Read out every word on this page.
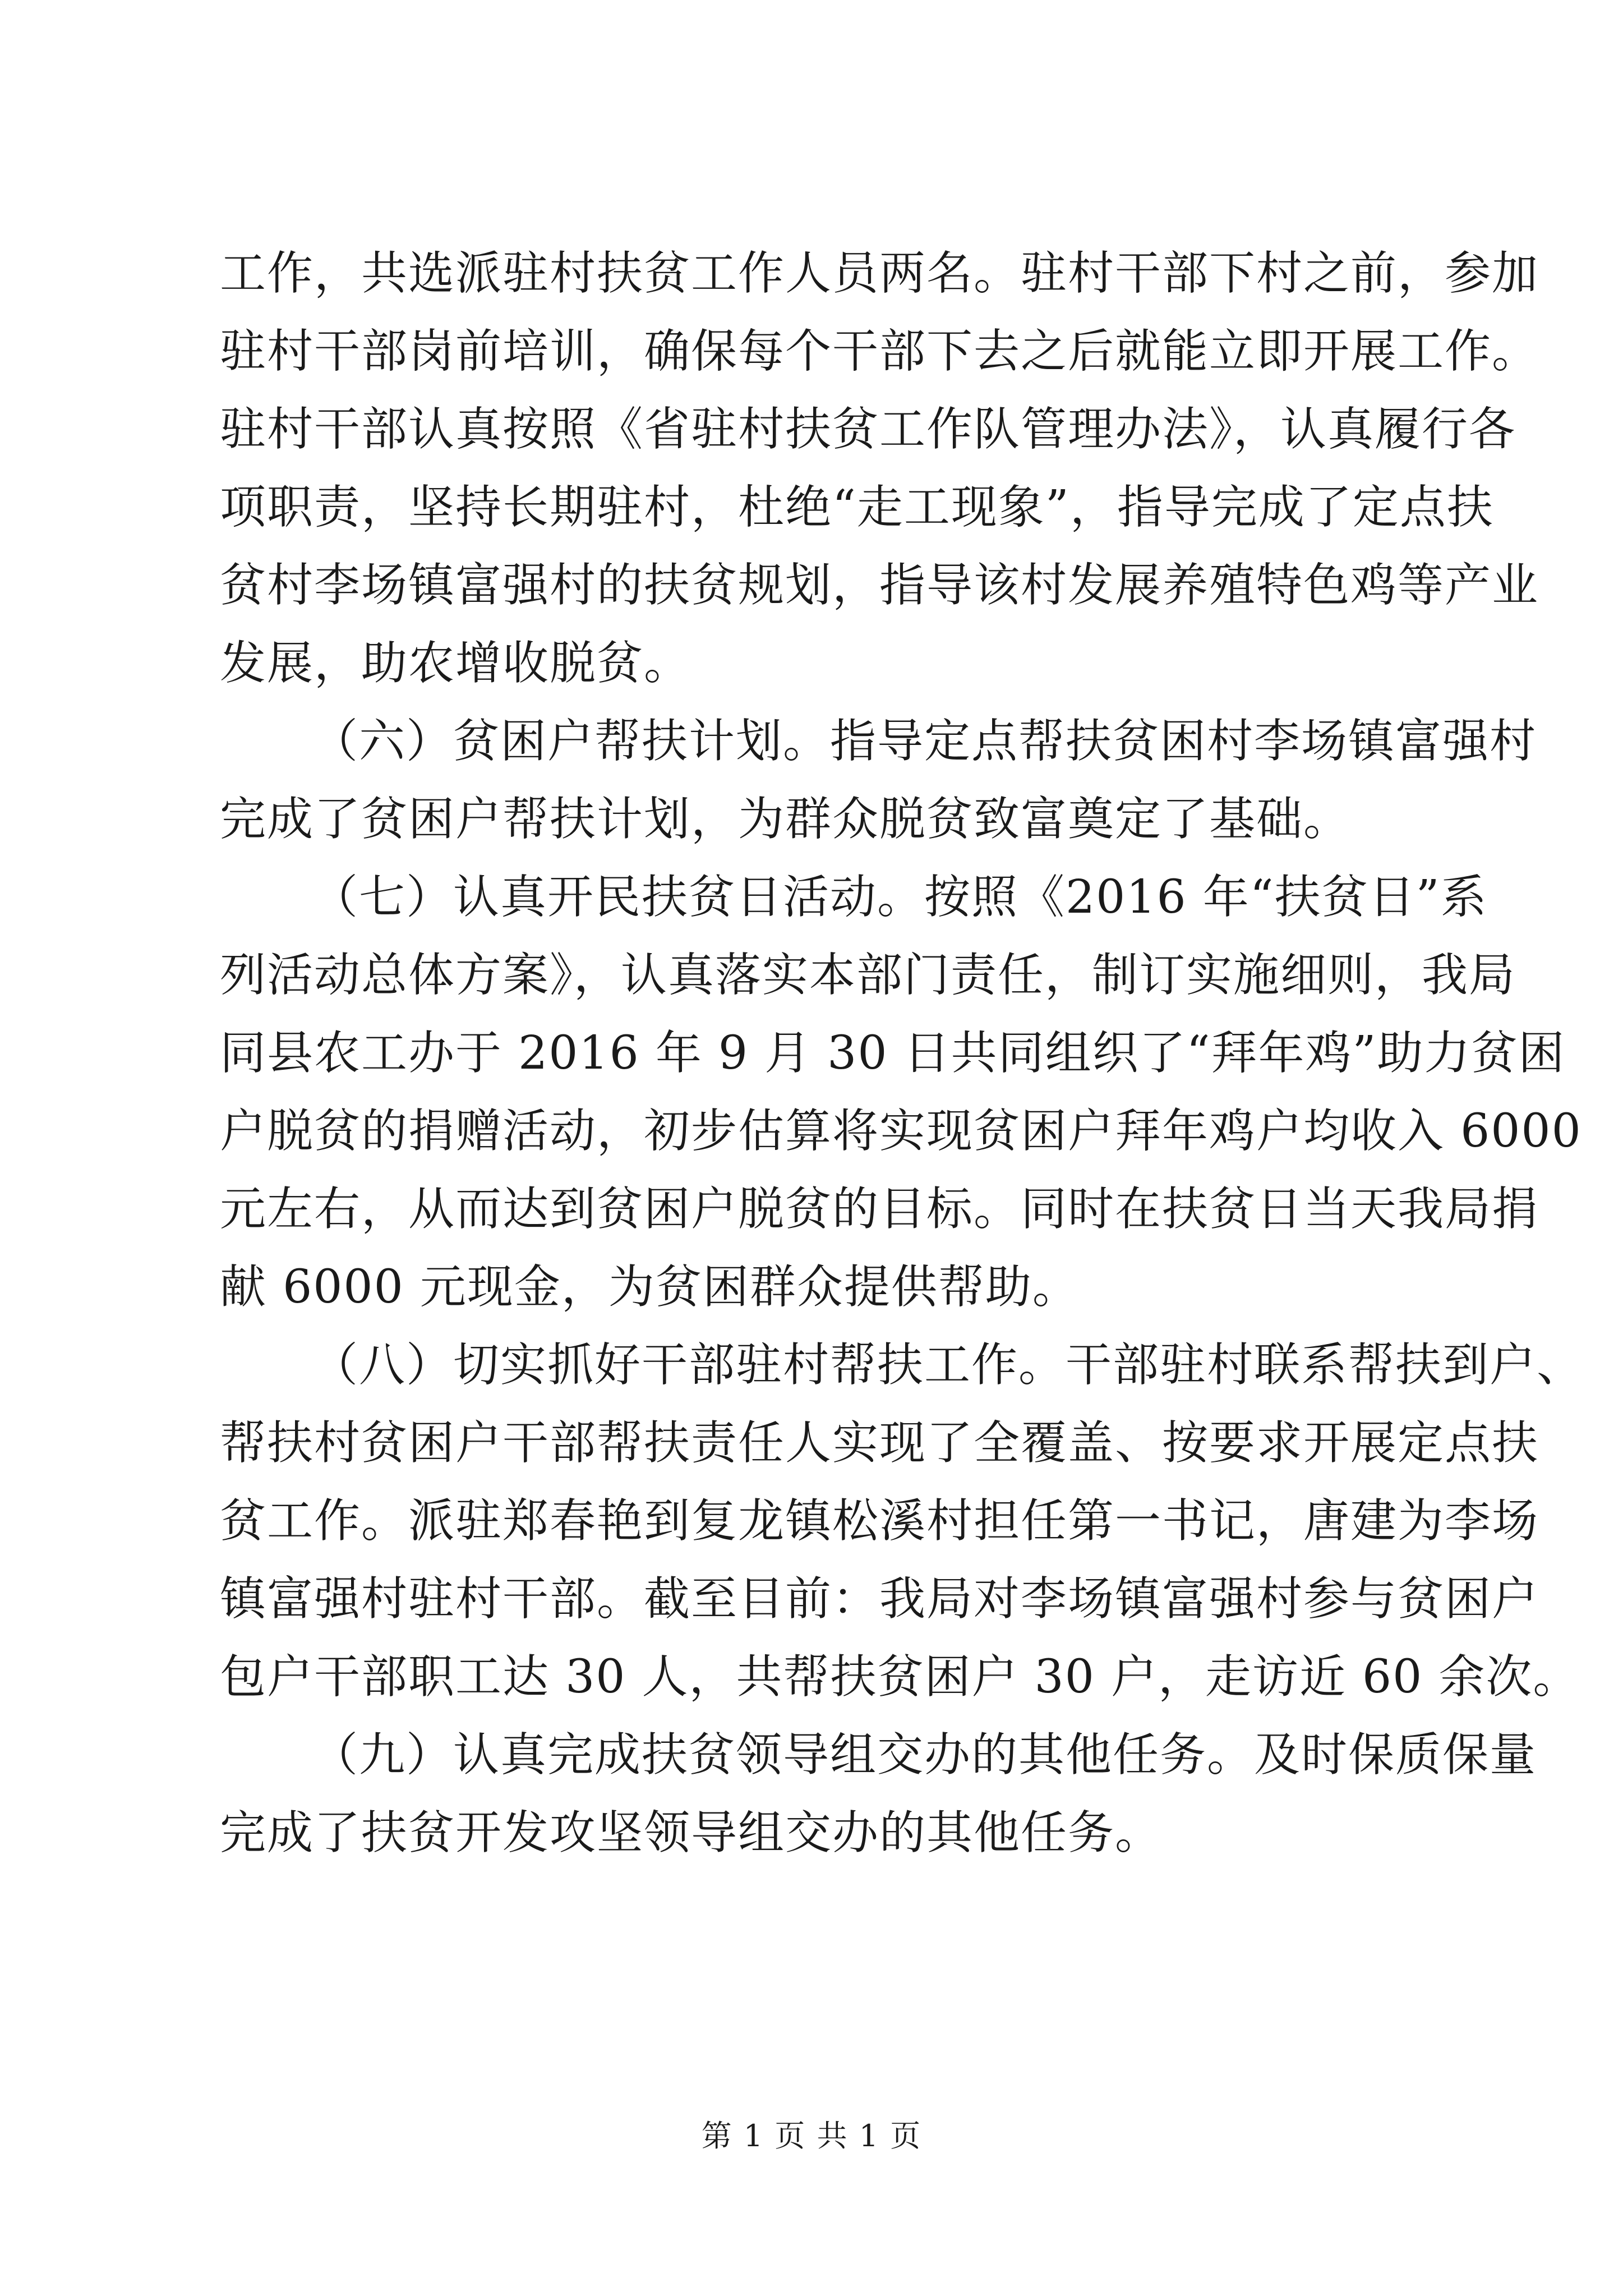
工作，共选派驻村扶贫工作人员两名。驻村干部下村之前，参加
驻村干部岗前培训，确保每个干部下去之后就能立即开展工作。
驻村干部认真按照《省驻村扶贫工作队管理办法》，认真履行各
项职责，坚持长期驻村，杜绝“走工现象”，指导完成了定点扶
贫村李场镇富强村的扶贫规划，指导该村发展养殖特色鸡等产业
发展，助农增收脱贫。
（六）贫困户帮扶计划。指导定点帮扶贫困村李场镇富强村
完成了贫困户帮扶计划，为群众脱贫致富奠定了基础。
（七）认真开民扶贫日活动。按照《2016 年“扶贫日”系
列活动总体方案》，认真落实本部门责任，制订实施细则，我局
同县农工办于 2016 年 9 月 30 日共同组织了“拜年鸡”助力贫困
户脱贫的捐赠活动，初步估算将实现贫困户拜年鸡户均收入 6000
元左右，从而达到贫困户脱贫的目标。同时在扶贫日当天我局捐
献 6000 元现金，为贫困群众提供帮助。
（八）切实抓好干部驻村帮扶工作。干部驻村联系帮扶到户、
帮扶村贫困户干部帮扶责任人实现了全覆盖、按要求开展定点扶
贫工作。派驻郑春艳到复龙镇松溪村担任第一书记，唐建为李场
镇富强村驻村干部。截至目前：我局对李场镇富强村参与贫困户
包户干部职工达 30 人，共帮扶贫困户 30 户，走访近 60 余次。
（九）认真完成扶贫领导组交办的其他任务。及时保质保量
完成了扶贫开发攻坚领导组交办的其他任务。
第 1 页 共 1 页
